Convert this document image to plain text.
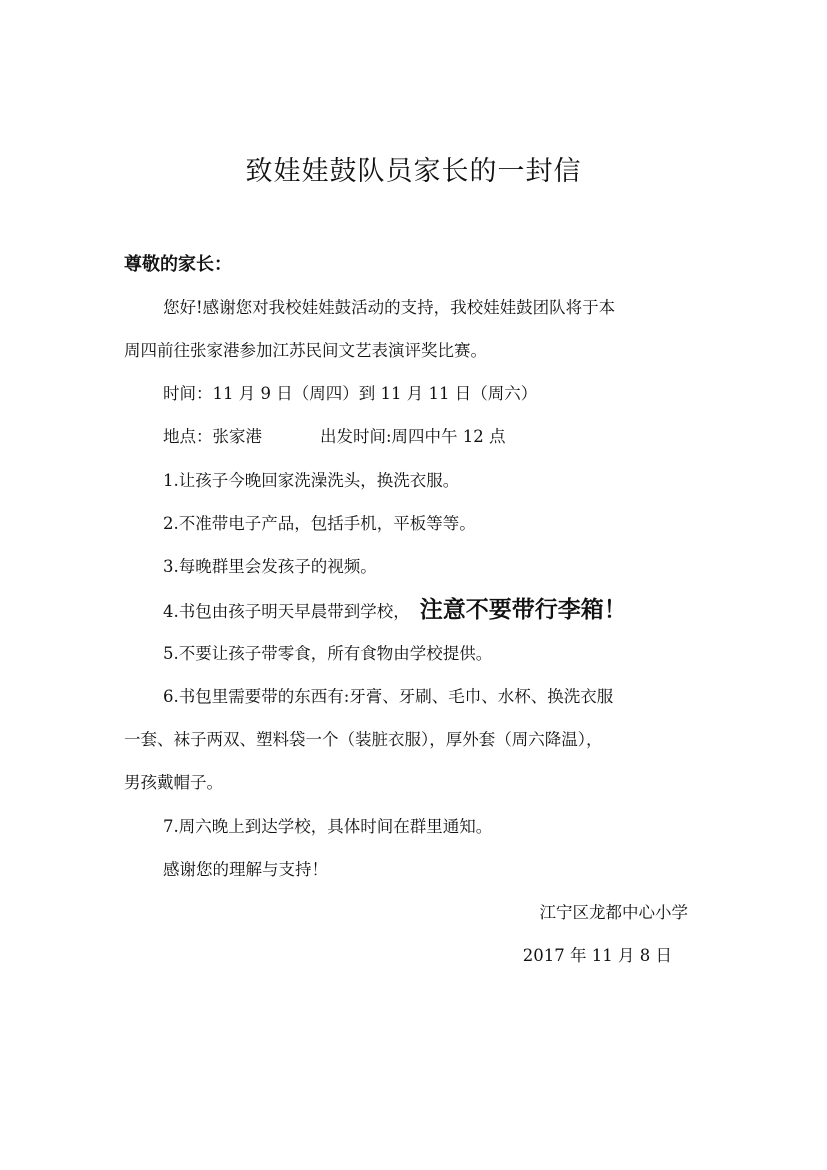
致娃娃鼓队员家长的一封信
尊敬的家长：
您好!感谢您对我校娃娃鼓活动的支持，我校娃娃鼓团队将于本
周四前往张家港参加江苏民间文艺表演评奖比赛。
时间：11 月 9 日（周四）到 11 月 11 日（周六）
地点：张家港	出发时间:周四中午 12 点
1.让孩子今晚回家洗澡洗头，换洗衣服。
2.不准带电子产品，包括手机，平板等等。
3.每晚群里会发孩子的视频。
4.书包由孩子明天早晨带到学校， 注意不要带行李箱！
5.不要让孩子带零食，所有食物由学校提供。
6.书包里需要带的东西有:牙膏、牙刷、毛巾、水杯、换洗衣服
一套、袜子两双、塑料袋一个（装脏衣服），厚外套（周六降温），
男孩戴帽子。
7.周六晚上到达学校，具体时间在群里通知。
感谢您的理解与支持！
江宁区龙都中心小学
2017 年 11 月 8 日
